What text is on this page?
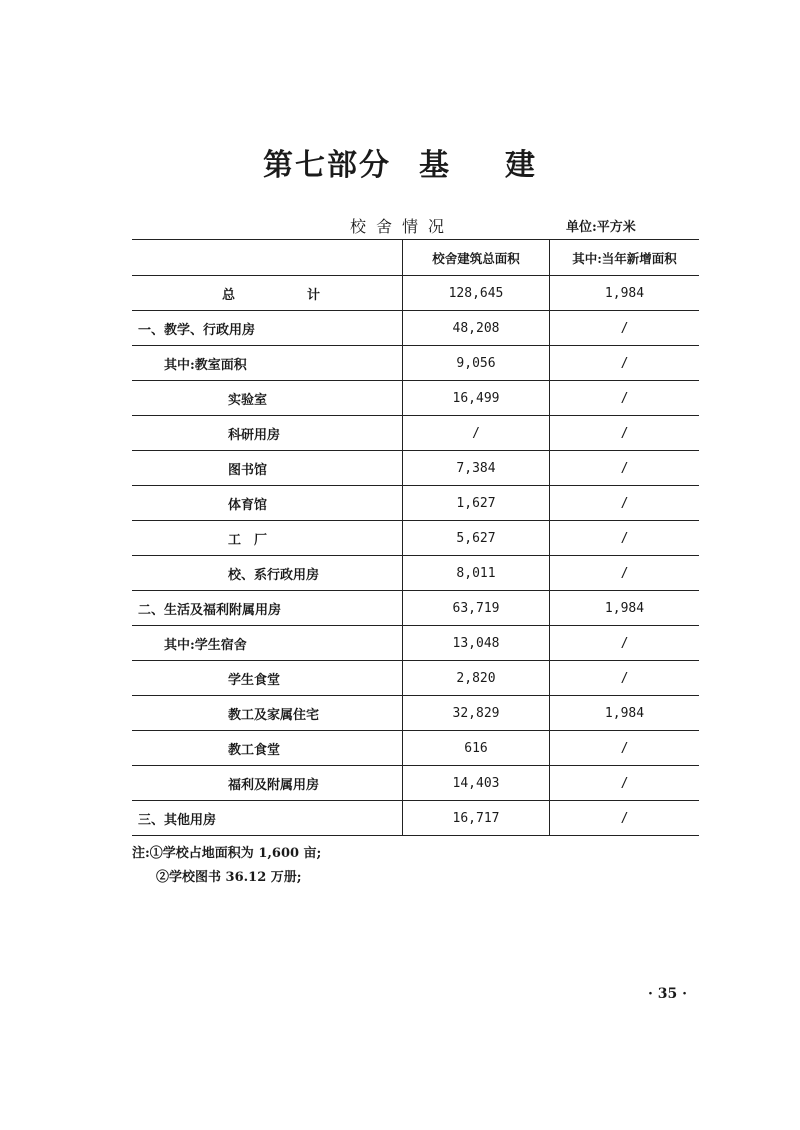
第七部分 基 建
校舍情况	单位:平方米
	校舍建筑总面积	其中:当年新增面积
总 计	128,645	1,984
一、教学、行政用房	48,208	/
其中:教室面积	9,056	/
实验室	16,499	/
科研用房	/	/
图书馆	7,384	/
体育馆	1,627	/
工　厂	5,627	/
校、系行政用房	8,011	/
二、生活及福利附属用房	63,719	1,984
其中:学生宿舍	13,048	/
学生食堂	2,820	/
教工及家属住宅	32,829	1,984
教工食堂	616	/
福利及附属用房	14,403	/
三、其他用房	16,717	/
注:①学校占地面积为 1,600 亩;
②学校图书 36.12 万册;
· 35 ·
